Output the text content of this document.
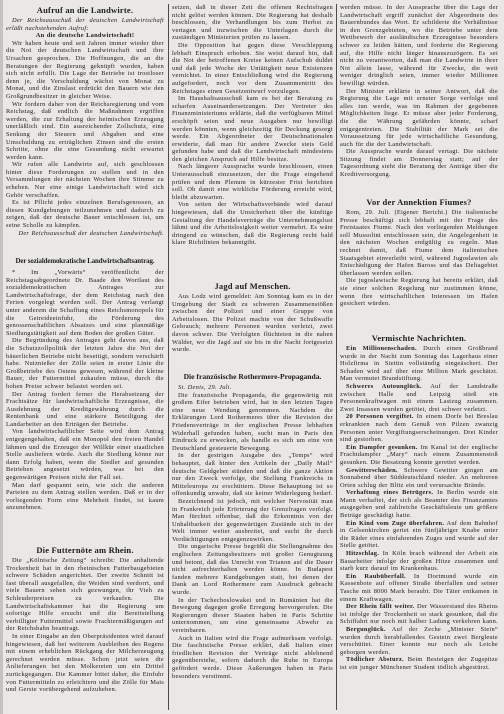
Aufruf an die Landwirte.

Der Reichsausschuß der deutschen Landwirtschaft erläßt nachstehenden Aufruf:

An die deutsche Landwirtschaft!

Wir haben heute und seit Jahren immer wieder über die Not der deutschen Landwirtschaft und ihre Ursachen gesprochen. Die Hoffnungen, die an die Beratungen der Regierung geknüpft wurden, haben sich nicht erfüllt. Die Lage der Betriebe ist trostloser denn je, die Verschuldung wächst von Monat zu Monat, und die Zinslast erdrückt den Bauern wie den Großgrundbesitzer in gleicher Weise.

Wir fordern daher von der Reichsregierung und vom Reichstag, daß endlich die Maßnahmen ergriffen werden, die zur Erhaltung der heimischen Erzeugung unerläßlich sind. Ein ausreichender Zollschutz, eine Senkung der Steuern und Abgaben und eine Umschuldung zu erträglichen Zinsen sind die ersten Schritte, ohne die eine Gesundung nicht erwartet werden kann.

Wir rufen alle Landwirte auf, sich geschlossen hinter diese Forderungen zu stellen und in den Versammlungen der nächsten Wochen ihre Stimme zu erheben. Nur eine einige Landwirtschaft wird sich Gehör verschaffen.

Es ist Pflicht jedes einzelnen Berufsgenossen, an diesen Kundgebungen teilzunehmen und dadurch zu zeigen, daß der deutsche Bauer entschlossen ist, um seine Scholle zu kämpfen.

Der Reichsausschuß der deutschen Landwirtschaft.

Der sozialdemokratische Landwirtschaftsantrag.

* Im „Vorwärts“ veröffentlicht der Reichstagsabgeordnete Dr. Baade den Wortlaut des sozialdemokratischen Antrages zur Landwirtschaftsfrage, der dem Reichstag nach den Ferien vorgelegt werden soll. Der Antrag verlangt unter anderem die Schaffung eines Reichsmonopols für die Getreideeinfuhr, die Förderung des genossenschaftlichen Absatzes und eine planmäßige Siedlungstätigkeit auf dem Boden der großen Güter.

Die Begründung des Antrages geht davon aus, daß die Schutzzollpolitik der letzten Jahre die Not der bäuerlichen Betriebe nicht beseitigt, sondern verschärft habe. Nutznießer der Zölle seien in erster Linie die Großbetriebe des Ostens gewesen, während der kleine Bauer, der Futtermittel zukaufen müsse, durch die hohen Preise schwer belastet worden sei.

Der Antrag fordert ferner die Herabsetzung der Frachtsätze für landwirtschaftliche Erzeugnisse, die Ausdehnung der Kreditgewährung durch die Rentenbank und eine stärkere Beteiligung der Landarbeiter an den Erträgen der Betriebe.

Von landwirtschaftlicher Seite wird dem Antrag entgegengehalten, daß ein Monopol den freien Handel lähmen und die Erzeuger der Willkür einer staatlichen Stelle ausliefern würde. Auch die Siedlung könne nur dann Erfolg haben, wenn die Siedler auf gesunden Betrieben angesetzt würden, was bei den gegenwärtigen Preisen nicht der Fall sei.

Man darf gespannt sein, wie sich die anderen Parteien zu dem Antrag stellen werden. Daß er in der vorliegenden Form eine Mehrheit findet, ist kaum anzunehmen.

Die Futternöte am Rhein.

Die „Kölnische Zeitung“ schreibt: Die anhaltende Trockenheit hat in den rheinischen Futterbaugebieten schwere Schäden angerichtet. Der zweite Schnitt ist fast überall ausgefallen, die Weiden sind verdorrt, und viele Bauern sehen sich gezwungen, ihr Vieh zu Schleuderpreisen zu verkaufen. Die Landwirtschaftskammer hat die Regierung um sofortige Hilfe ersucht und die Bereitstellung verbilligter Futtermittel sowie Frachtermäßigungen auf der Reichsbahn beantragt.

In einer Eingabe an den Oberpräsidenten wird darauf hingewiesen, daß bei weiterem Ausbleiben des Regens mit einem erheblichen Rückgang der Milcherzeugung gerechnet werden müsse. Schon jetzt seien die Anlieferungen bei den Molkereien um ein Drittel zurückgegangen. Die Kammer bittet daher, die Einfuhr von Futtermitteln zu erleichtern und die Zölle für Mais und Gerste vorübergehend aufzuheben.

setzen, daß in dieser Zeit die offenen Rechtsfragen nicht gelöst werden können. Die Regierung hat deshalb beschlossen, die Verhandlungen bis zum Herbst zu vertagen und inzwischen die Unterlagen durch die zuständigen Ministerien prüfen zu lassen.

Die Opposition hat gegen diese Verschleppung lebhaft Einspruch erhoben. Sie weist darauf hin, daß die Not der betroffenen Kreise keinen Aufschub duldet und daß jede Woche der Untätigkeit neue Existenzen vernichtet. In einer Entschließung wird die Regierung aufgefordert, noch vor dem Zusammentritt des Reichstages einen Gesetzentwurf vorzulegen.

Im Haushaltsausschuß kam es bei der Beratung zu scharfen Auseinandersetzungen. Der Vertreter des Finanzministeriums erklärte, daß die verfügbaren Mittel erschöpft seien und neue Ausgaben nur bewilligt werden könnten, wenn gleichzeitig für Deckung gesorgt werde. Ein Abgeordneter der Deutschnationalen erwiderte, daß man für andere Zwecke stets Geld gefunden habe und daß die Landwirtschaft mindestens den gleichen Anspruch auf Hilfe besitze.

Nach längerer Aussprache wurde beschlossen, einen Unterausschuß einzusetzen, der die Frage eingehend prüfen und dem Plenum in kürzester Frist berichten soll. Ob damit eine wirkliche Förderung erreicht wird, bleibt abzuwarten.

Von seiten der Wirtschaftsverbände wird darauf hingewiesen, daß die Unsicherheit über die künftige Gestaltung der Handelsverträge die Unternehmungslust lähmt und die Arbeitslosigkeit weiter vermehrt. Es wäre dringend zu wünschen, daß die Regierung recht bald klare Richtlinien bekanntgibt.

Jagd auf Menschen.

Aus Lodz wird gemeldet: Am Sonntag kam es in der Umgebung der Stadt zu schweren Zusammenstößen zwischen der Polizei und einer Gruppe von Arbeitslosen. Die Polizei machte von der Schußwaffe Gebrauch; mehrere Personen wurden verletzt, zwei davon schwer. Die Verfolgten flüchteten in die nahen Wälder, wo die Jagd auf sie bis in die Nacht fortgesetzt wurde.

Die französische Rothermere-Propaganda.

St. Denis, 29. Juli.

Die französische Propaganda, die gegenwärtig mit großem Eifer betrieben wird, hat in den letzten Tagen eine neue Wendung genommen. Nachdem die Erklärungen Lord Rothermeres über die Revision der Friedensverträge in der englischen Presse lebhaften Widerhall gefunden haben, sucht man in Paris den Eindruck zu erwecken, als handle es sich um eine von Deutschland gesteuerte Bewegung.

In der gestrigen Ausgabe des „Temps“ wird behauptet, daß hinter den Artikeln der „Daily Mail“ deutsche Geldgeber stünden und daß die ganze Aktion nur den Zweck verfolge, die Stellung Frankreichs in Mitteleuropa zu erschüttern. Diese Behauptung ist so offenkundig unwahr, daß sie keiner Widerlegung bedarf.

Bezeichnend ist jedoch, mit welcher Nervosität man in Frankreich jede Erörterung der Grenzfragen verfolgt. Man fürchtet offenbar, daß die Erkenntnis von der Unhaltbarkeit der gegenwärtigen Zustände sich in der Welt immer weiter ausbreitet, und sucht ihr durch Verdächtigungen entgegenzuwirken.

Die ungarische Presse begrüßt die Stellungnahme des englischen Zeitungsbesitzers mit großer Genugtuung und betont, daß das Unrecht von Trianon auf die Dauer nicht aufrechterhalten werden könne. In Budapest fanden mehrere Kundgebungen statt, bei denen der Dank an Lord Rothermere zum Ausdruck gebracht wurde.

In der Tschechoslowakei und in Rumänien hat die Bewegung dagegen große Erregung hervorgerufen. Die Regierungen dieser Staaten haben in Paris Schritte unternommen, um eine gemeinsame Abwehr zu vereinbaren.

Auch in Italien wird die Frage aufmerksam verfolgt. Die faschistische Presse erklärt, daß Italien einer friedlichen Revision der Verträge nicht ablehnend gegenüberstehe, sofern dadurch die Ruhe in Europa gefördert werde. Diese Äußerungen haben in Paris besonders verstimmt.

werden müsse. In der Aussprache über die Lage der Landwirtschaft ergriff zunächst der Abgeordnete des Bauernbundes das Wort. Er schilderte die Verhältnisse in den Grenzgebieten, wo die Betriebe unter dem Wettbewerb der ausländischen Erzeugnisse besonders schwer zu leiden hätten, und forderte die Regierung auf, die Hilfe nicht länger hinauszuzögern. Es sei nicht zu verantworten, daß man die Landwirte in ihrer Not allein lasse, während für Zwecke, die weit weniger dringlich seien, immer wieder Millionen bewilligt würden.

Der Minister erklärte in seiner Antwort, daß die Regierung die Lage mit ernster Sorge verfolge und alles tun werde, was im Rahmen der gegebenen Möglichkeiten liege. Er müsse aber jeder Forderung, die die Währung gefährden könnte, scharf entgegentreten. Die Stabilität der Mark sei die Voraussetzung für jede wirtschaftliche Gesundung, auch für die der Landwirtschaft.

Die Aussprache wurde darauf vertagt. Die nächste Sitzung findet am Donnerstag statt; auf der Tagesordnung steht die Beratung der Anträge über die Kreditversorgung.

Vor der Annektion Fiumes?

Rom, 29. Juli. (Eigener Bericht.) Die italienische Presse beschäftigt sich lebhaft mit der Frage des Freistaates Fiume. Nach den vorliegenden Meldungen soll Mussolini entschlossen sein, die Angelegenheit in den nächsten Wochen endgültig zu regeln. Man rechnet damit, daß Fiume dem italienischen Staatsgebiet einverleibt wird, während Jugoslawien als Entschädigung der Hafen Baross und das Deltagebiet überlassen werden sollen.

Die jugoslawische Regierung hat bereits erklärt, daß sie einer solchen Regelung nur zustimmen könne, wenn ihre wirtschaftlichen Interessen im Hafen gesichert würden.

Vermischte Nachrichten.

Ein Millionenschaden. Durch einen Großbrand wurde in der Nacht zum Sonntag das Lagerhaus einer Holzfirma in Stettin vollständig eingeäschert. Der Schaden wird auf über eine Million Mark geschätzt. Man vermutet Brandstiftung.

Schweres Autounglück. Auf der Landstraße zwischen Halle und Leipzig stieß ein Personenkraftwagen mit einem Lastzug zusammen. Zwei Insassen wurden getötet, drei schwer verletzt.

20 Personen vergiftet. In einem Dorfe bei Breslau erkrankten nach dem Genuß von Pilzen zwanzig Personen unter Vergiftungserscheinungen. Drei Kinder sind gestorben.

Ein Dampfer gesunken. Im Kanal ist der englische Frachtdampfer „Mary“ nach einem Zusammenstoß gesunken. Die Besatzung konnte gerettet werden.

Gewitterschäden. Schwere Gewitter gingen am Sonnabend über Süddeutschland nieder. An mehreren Orten schlug der Blitz ein und verursachte Brände.

Verhaftung eines Betrügers. In Berlin wurde ein Mann verhaftet, der sich als Beamter des Finanzamtes ausgegeben und zahlreiche Geschäftsleute um größere Beträge geschädigt hatte.

Ein Kind vom Zuge überfahren. Auf dem Bahnhof in Gelsenkirchen geriet ein fünfjähriger Knabe unter die Räder eines einfahrenden Zuges und wurde auf der Stelle getötet.

Hitzschlag. In Köln brach während der Arbeit ein Bauarbeiter infolge der großen Hitze zusammen und starb kurz darauf im Krankenhaus.

Ein Raubüberfall. In Dortmund wurde ein Kassenbote auf offener Straße überfallen und seiner Tasche mit 8000 Mark beraubt. Die Täter entkamen in einem Kraftwagen.

Der Rhein fällt weiter. Der Wasserstand des Rheins ist infolge der Trockenheit so stark gesunken, daß die Schiffahrt nur noch mit halber Ladung verkehren kann.

Bergunglück. Auf der Zeche „Minister Stein“ wurden durch herabfallendes Gestein zwei Bergleute verschüttet. Einer konnte nur noch als Leiche geborgen werden.

Tödlicher Absturz. Beim Besteigen der Zugspitze ist ein junger Münchener Student tödlich abgestürzt.
